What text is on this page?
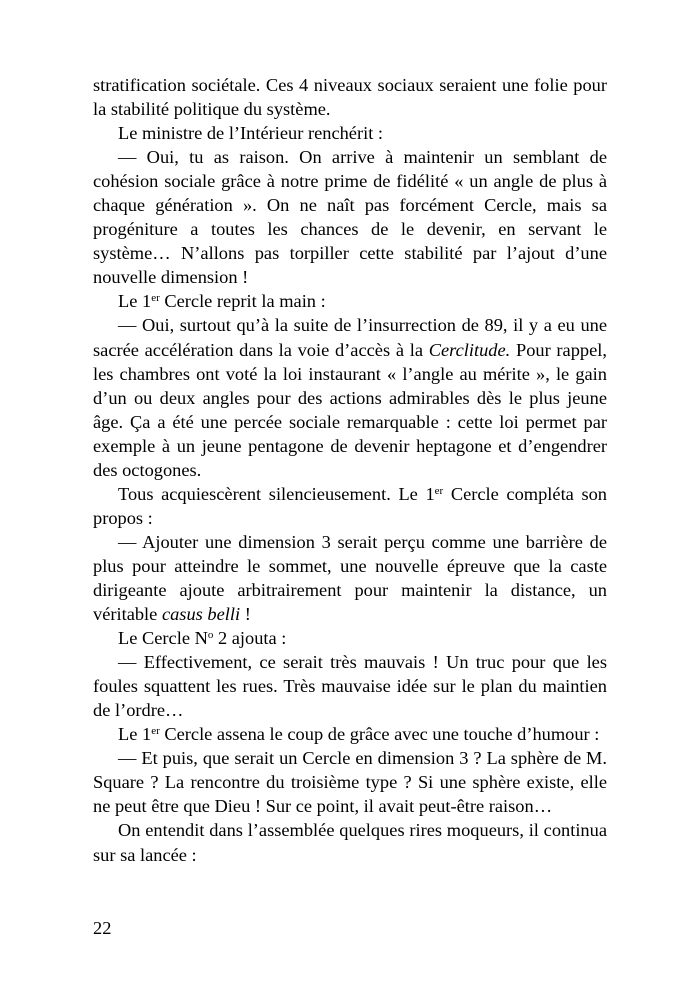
stratification sociétale. Ces 4 niveaux sociaux seraient une folie pour la stabilité politique du système.

Le ministre de l’Intérieur renchérit :

— Oui, tu as raison. On arrive à maintenir un semblant de cohésion sociale grâce à notre prime de fidélité « un angle de plus à chaque génération ». On ne naît pas forcément Cercle, mais sa progéniture a toutes les chances de le devenir, en servant le système… N’allons pas torpiller cette stabilité par l’ajout d’une nouvelle dimension !

Le 1er Cercle reprit la main :

— Oui, surtout qu’à la suite de l’insurrection de 89, il y a eu une sacrée accélération dans la voie d’accès à la Cerclitude. Pour rappel, les chambres ont voté la loi instaurant « l’angle au mérite », le gain d’un ou deux angles pour des actions admirables dès le plus jeune âge. Ça a été une percée sociale remarquable : cette loi permet par exemple à un jeune pentagone de devenir heptagone et d’engendrer des octogones.

Tous acquiescèrent silencieusement. Le 1er Cercle compléta son propos :

— Ajouter une dimension 3 serait perçu comme une barrière de plus pour atteindre le sommet, une nouvelle épreuve que la caste dirigeante ajoute arbitrairement pour maintenir la distance, un véritable casus belli !

Le Cercle $N^o$ 2 ajouta :

— Effectivement, ce serait très mauvais ! Un truc pour que les foules squattent les rues. Très mauvaise idée sur le plan du maintien de l’ordre…

Le 1er Cercle assena le coup de grâce avec une touche d’humour :

— Et puis, que serait un Cercle en dimension 3 ? La sphère de M. Square ? La rencontre du troisième type ? Si une sphère existe, elle ne peut être que Dieu ! Sur ce point, il avait peut-être raison…

On entendit dans l’assemblée quelques rires moqueurs, il continua sur sa lancée :

22
